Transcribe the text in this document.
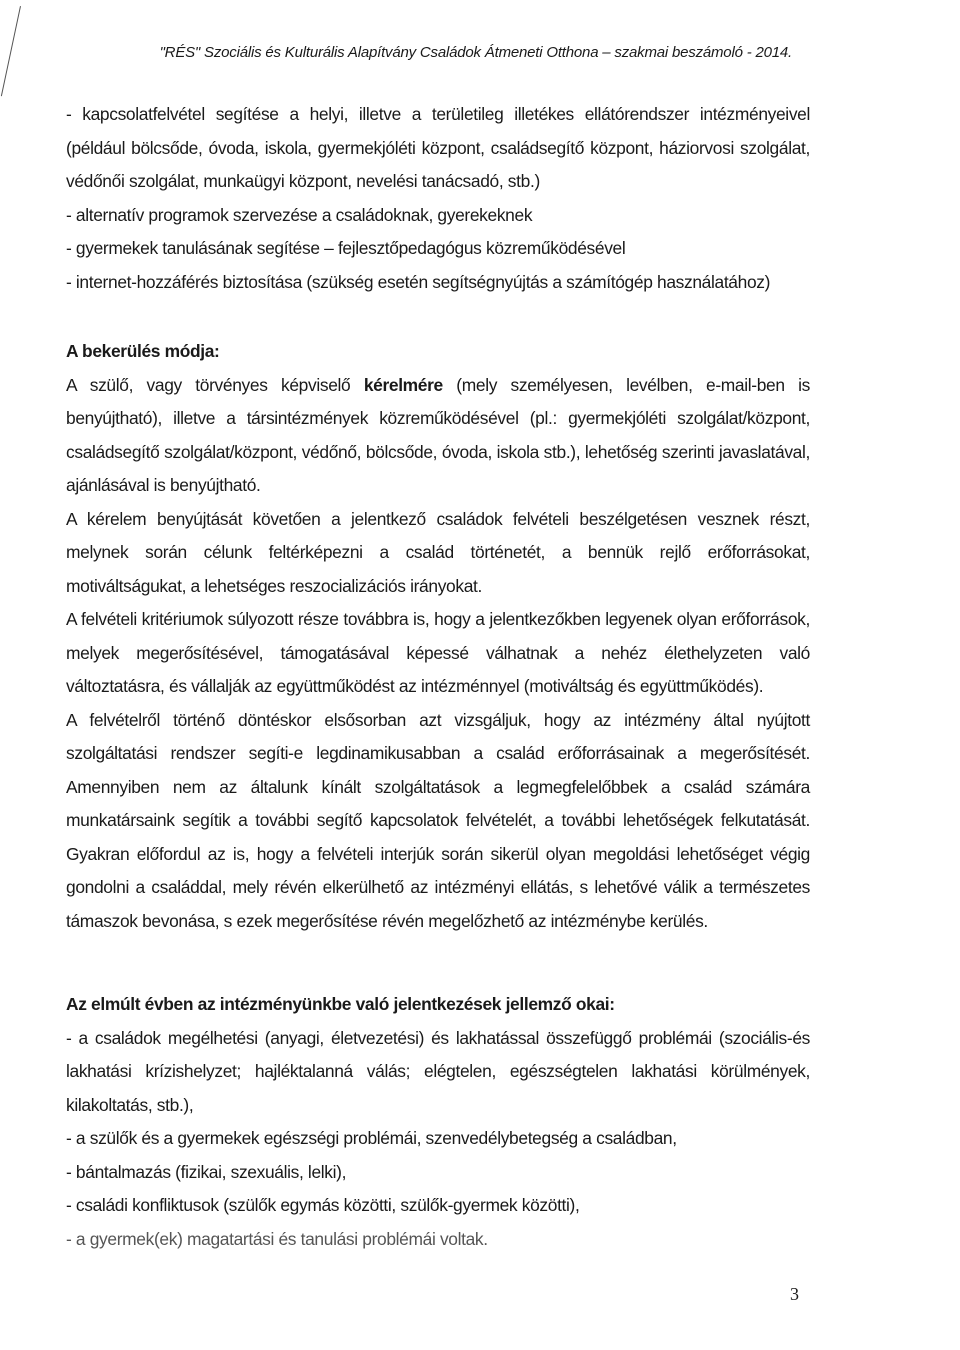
"RÉS" Szociális és Kulturális Alapítvány Családok Átmeneti Otthona – szakmai beszámoló - 2014.

- kapcsolatfelvétel segítése a helyi, illetve a területileg illetékes ellátórendszer intézményeivel (például bölcsőde, óvoda, iskola, gyermekjóléti központ, családsegítő központ, háziorvosi szolgálat, védőnői szolgálat, munkaügyi központ, nevelési tanácsadó, stb.)

- alternatív programok szervezése a családoknak, gyerekeknek

- gyermekek tanulásának segítése – fejlesztőpedagógus közreműködésével

- internet-hozzáférés biztosítása (szükség esetén segítségnyújtás a számítógép használatához)

A bekerülés módja:

A szülő, vagy törvényes képviselő kérelmére (mely személyesen, levélben, e-mail-ben is benyújtható), illetve a társintézmények közreműködésével (pl.: gyermekjóléti szolgálat/központ, családsegítő szolgálat/központ, védőnő, bölcsőde, óvoda, iskola stb.), lehetőség szerinti javaslatával, ajánlásával is benyújtható.

A kérelem benyújtását követően a jelentkező családok felvételi beszélgetésen vesznek részt, melynek során célunk feltérképezni a család történetét, a bennük rejlő erőforrásokat, motiváltságukat, a lehetséges reszocializációs irányokat.

A felvételi kritériumok súlyozott része továbbra is, hogy a jelentkezőkben legyenek olyan erőforrások, melyek megerősítésével, támogatásával képessé válhatnak a nehéz élethelyzeten való változtatásra, és vállalják az együttműködést az intézménnyel (motiváltság és együttműködés).

A felvételről történő döntéskor elsősorban azt vizsgáljuk, hogy az intézmény által nyújtott szolgáltatási rendszer segíti-e legdinamikusabban a család erőforrásainak a megerősítését. Amennyiben nem az általunk kínált szolgáltatások a legmegfelelőbbek a család számára munkatársaink segítik a további segítő kapcsolatok felvételét, a további lehetőségek felkutatását. Gyakran előfordul az is, hogy a felvételi interjúk során sikerül olyan megoldási lehetőséget végig gondolni a családdal, mely révén elkerülhető az intézményi ellátás, s lehetővé válik a természetes támaszok bevonása, s ezek megerősítése révén megelőzhető az intézménybe kerülés.

Az elmúlt évben az intézményünkbe való jelentkezések jellemző okai:

- a családok megélhetési (anyagi, életvezetési) és lakhatással összefüggő problémái (szociális-és lakhatási krízishelyzet; hajléktalanná válás; elégtelen, egészségtelen lakhatási körülmények, kilakoltatás, stb.),

- a szülők és a gyermekek egészségi problémái, szenvedélybetegség a családban,

- bántalmazás (fizikai, szexuális, lelki),

- családi konfliktusok (szülők egymás közötti, szülők-gyermek közötti),

- a gyermek(ek) magatartási és tanulási problémái voltak.

3
